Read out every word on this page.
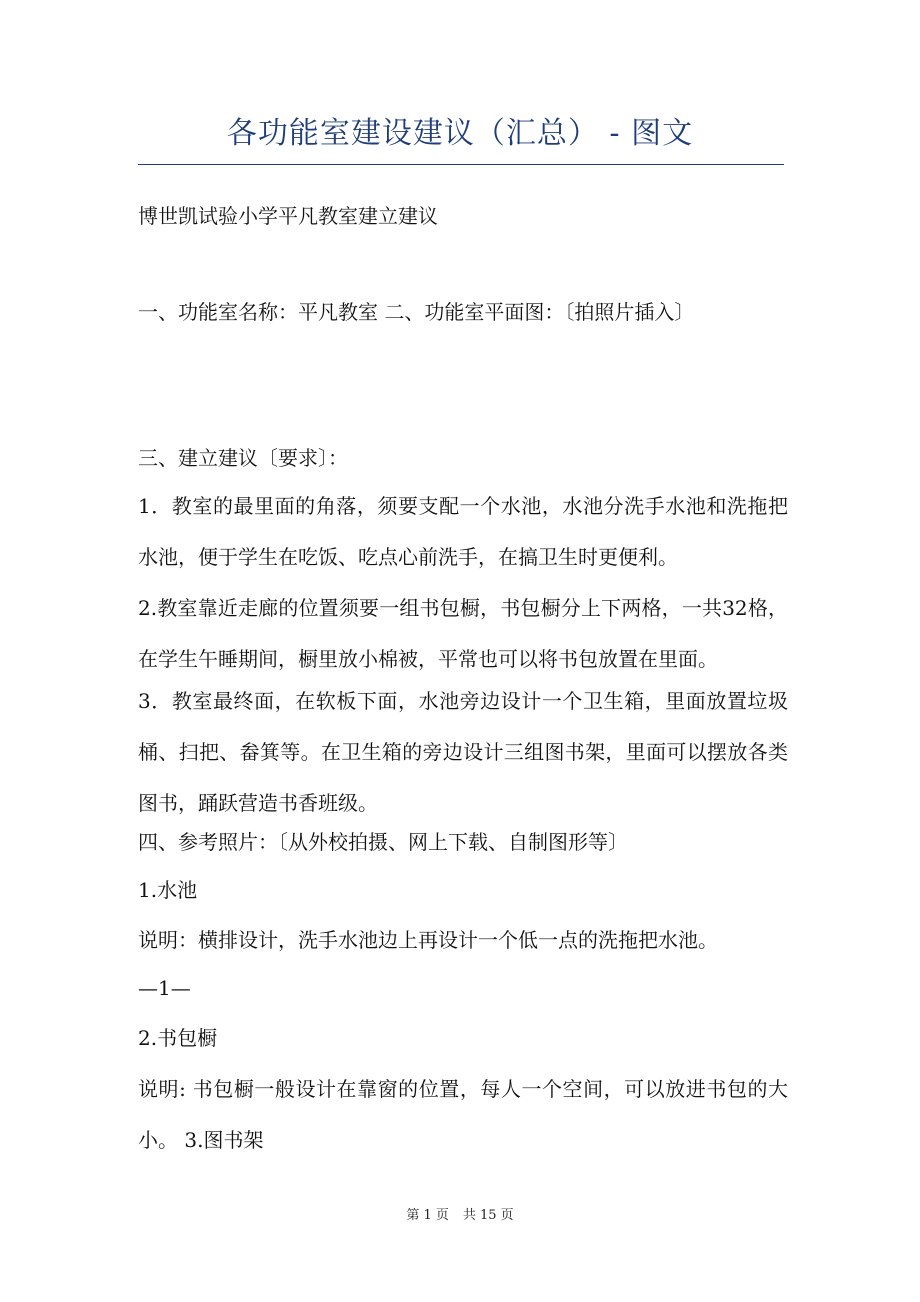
各功能室建设建议（汇总） - 图文

博世凯试验小学平凡教室建立建议

一、功能室名称：平凡教室 二、功能室平面图：〔拍照片插入〕

三、建立建议〔要求〕：

1．教室的最里面的角落，须要支配一个水池，水池分洗手水池和洗拖把水池，便于学生在吃饭、吃点心前洗手，在搞卫生时更便利。

2.教室靠近走廊的位置须要一组书包橱，书包橱分上下两格，一共32格，在学生午睡期间，橱里放小棉被，平常也可以将书包放置在里面。

3．教室最终面，在软板下面，水池旁边设计一个卫生箱，里面放置垃圾桶、扫把、畚箕等。在卫生箱的旁边设计三组图书架，里面可以摆放各类图书，踊跃营造书香班级。

四、参考照片：〔从外校拍摄、网上下载、自制图形等〕

1.水池

说明：横排设计，洗手水池边上再设计一个低一点的洗拖把水池。

—1—

2.书包橱

说明: 书包橱一般设计在靠窗的位置，每人一个空间，可以放进书包的大小。 3.图书架

第 1 页 共 15 页
